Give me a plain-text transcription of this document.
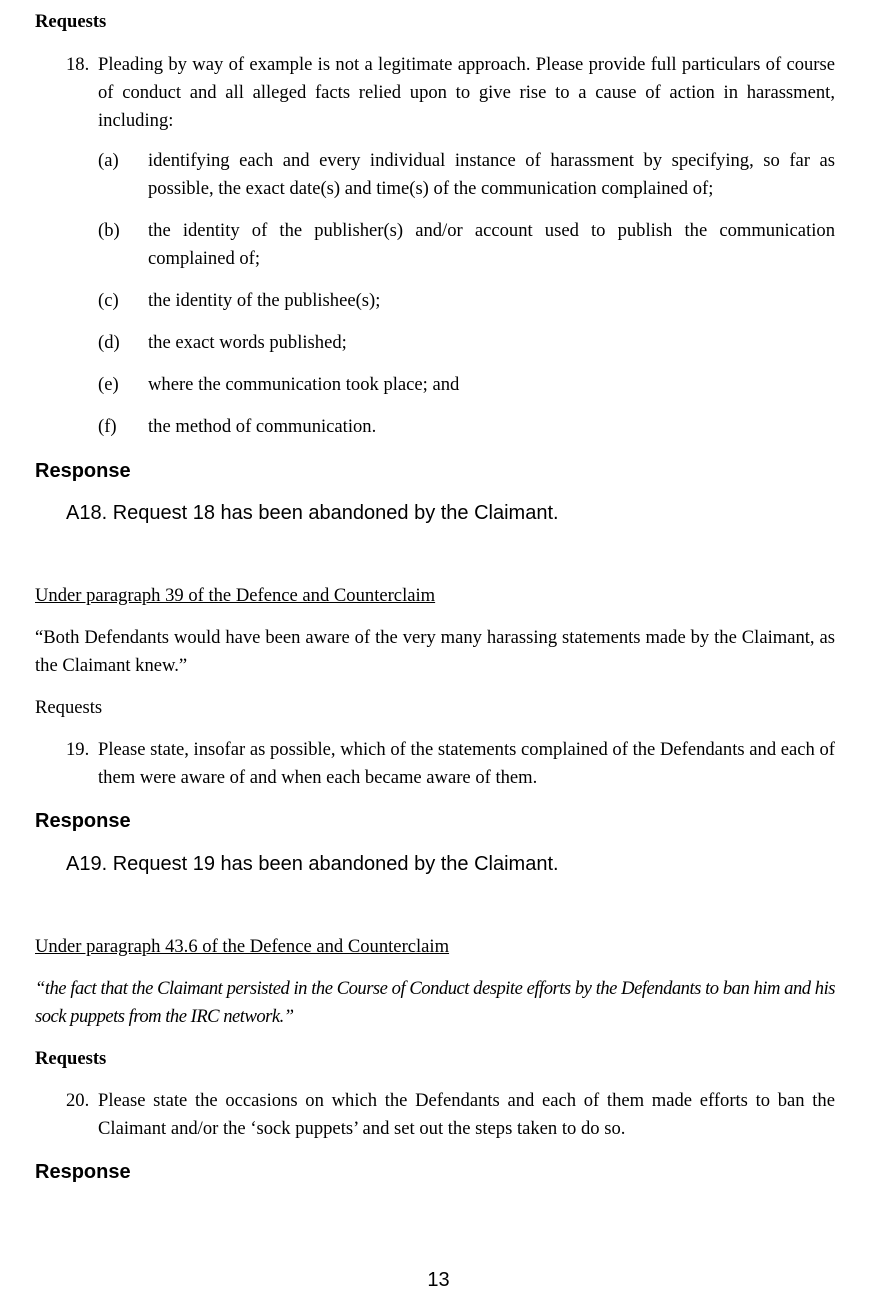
Requests

18. Pleading by way of example is not a legitimate approach. Please provide full particulars of course of conduct and all alleged facts relied upon to give rise to a cause of action in harassment, including:
(a)	identifying each and every individual instance of harassment by specifying, so far as possible, the exact date(s) and time(s) of the communication complained of;
(b)	the identity of the publisher(s) and/or account used to publish the communication complained of;
(c)	the identity of the publishee(s);
(d)	the exact words published;
(e)	where the communication took place; and
(f)	the method of communication.

Response

A18. Request 18 has been abandoned by the Claimant.

Under paragraph 39 of the Defence and Counterclaim

“Both Defendants would have been aware of the very many harassing statements made by the Claimant, as the Claimant knew.”

Requests

19. Please state, insofar as possible, which of the statements complained of the Defendants and each of them were aware of and when each became aware of them.

Response

A19. Request 19 has been abandoned by the Claimant.

Under paragraph 43.6 of the Defence and Counterclaim

“the fact that the Claimant persisted in the Course of Conduct despite efforts by the Defendants to ban him and his sock puppets from the IRC network.”

Requests

20. Please state the occasions on which the Defendants and each of them made efforts to ban the Claimant and/or the ‘sock puppets’ and set out the steps taken to do so.

Response

13
